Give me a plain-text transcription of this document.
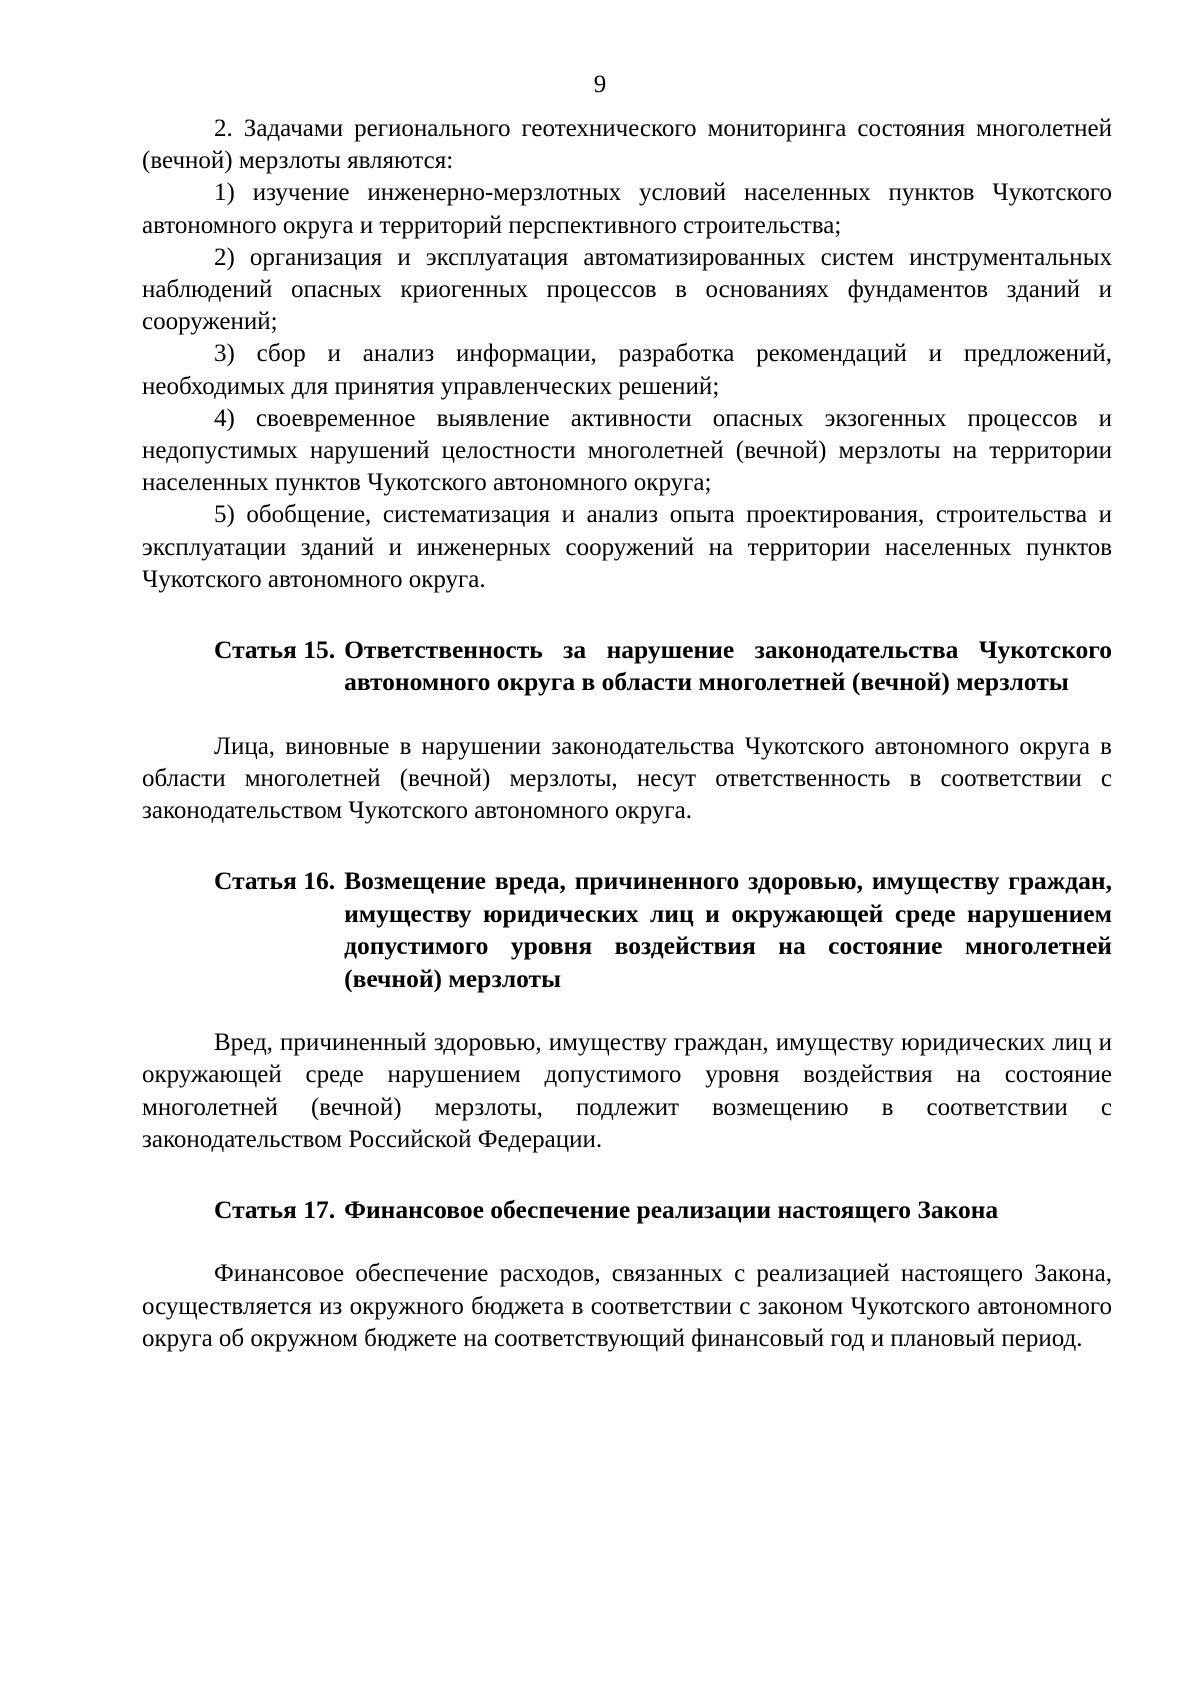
9

2. Задачами регионального геотехнического мониторинга состояния многолетней (вечной) мерзлоты являются:

1) изучение инженерно-мерзлотных условий населенных пунктов Чукотского автономного округа и территорий перспективного строительства;

2) организация и эксплуатация автоматизированных систем инструментальных наблюдений опасных криогенных процессов в основаниях фундаментов зданий и сооружений;

3) сбор и анализ информации, разработка рекомендаций и предложений, необходимых для принятия управленческих решений;

4) своевременное выявление активности опасных экзогенных процессов и недопустимых нарушений целостности многолетней (вечной) мерзлоты на территории населенных пунктов Чукотского автономного округа;

5) обобщение, систематизация и анализ опыта проектирования, строительства и эксплуатации зданий и инженерных сооружений на территории населенных пунктов Чукотского автономного округа.

Статья 15. Ответственность за нарушение законодательства Чукотского автономного округа в области многолетней (вечной) мерзлоты

Лица, виновные в нарушении законодательства Чукотского автономного округа в области многолетней (вечной) мерзлоты, несут ответственность в соответствии с законодательством Чукотского автономного округа.

Статья 16. Возмещение вреда, причиненного здоровью, имуществу граждан, имуществу юридических лиц и окружающей среде нарушением допустимого уровня воздействия на состояние многолетней (вечной) мерзлоты

Вред, причиненный здоровью, имуществу граждан, имуществу юридических лиц и окружающей среде нарушением допустимого уровня воздействия на состояние многолетней (вечной) мерзлоты, подлежит возмещению в соответствии с законодательством Российской Федерации.

Статья 17. Финансовое обеспечение реализации настоящего Закона

Финансовое обеспечение расходов, связанных с реализацией настоящего Закона, осуществляется из окружного бюджета в соответствии с законом Чукотского автономного округа об окружном бюджете на соответствующий финансовый год и плановый период.
